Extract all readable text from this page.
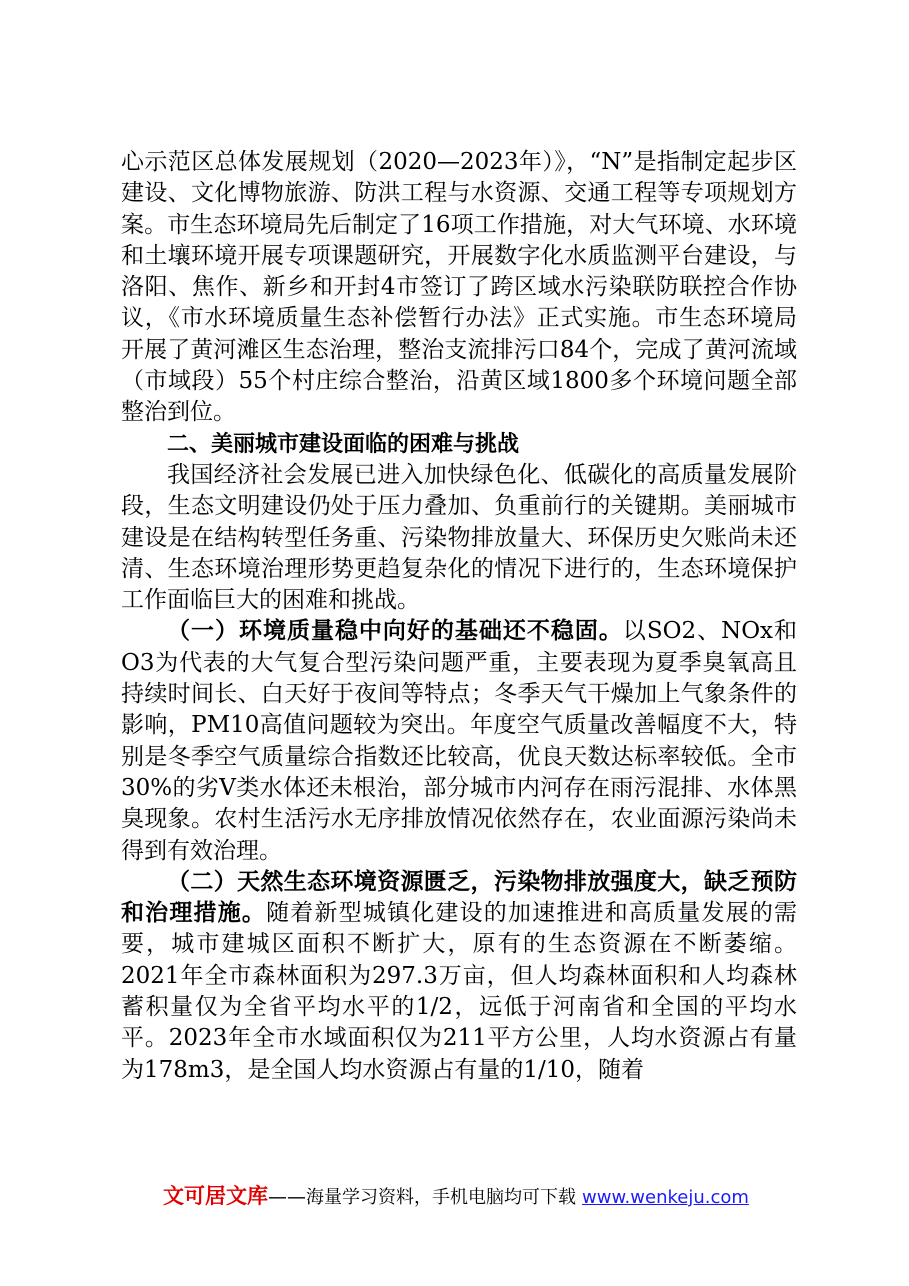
心示范区总体发展规划（2020—2023年）》，“N”是指制定起步区建设、文化博物旅游、防洪工程与水资源、交通工程等专项规划方案。市生态环境局先后制定了16项工作措施，对大气环境、水环境和土壤环境开展专项课题研究，开展数字化水质监测平台建设，与洛阳、焦作、新乡和开封4市签订了跨区域水污染联防联控合作协议，《市水环境质量生态补偿暂行办法》正式实施。市生态环境局开展了黄河滩区生态治理，整治支流排污口84个，完成了黄河流域（市域段）55个村庄综合整治，沿黄区域1800多个环境问题全部整治到位。

二、美丽城市建设面临的困难与挑战

我国经济社会发展已进入加快绿色化、低碳化的高质量发展阶段，生态文明建设仍处于压力叠加、负重前行的关键期。美丽城市建设是在结构转型任务重、污染物排放量大、环保历史欠账尚未还清、生态环境治理形势更趋复杂化的情况下进行的，生态环境保护工作面临巨大的困难和挑战。

（一）环境质量稳中向好的基础还不稳固。以SO2、NOx和O3为代表的大气复合型污染问题严重，主要表现为夏季臭氧高且持续时间长、白天好于夜间等特点；冬季天气干燥加上气象条件的影响，PM10高值问题较为突出。年度空气质量改善幅度不大，特别是冬季空气质量综合指数还比较高，优良天数达标率较低。全市30%的劣Ⅴ类水体还未根治，部分城市内河存在雨污混排、水体黑臭现象。农村生活污水无序排放情况依然存在，农业面源污染尚未得到有效治理。

（二）天然生态环境资源匮乏，污染物排放强度大，缺乏预防和治理措施。随着新型城镇化建设的加速推进和高质量发展的需要，城市建城区面积不断扩大，原有的生态资源在不断萎缩。2021年全市森林面积为297.3万亩，但人均森林面积和人均森林蓄积量仅为全省平均水平的1/2，远低于河南省和全国的平均水平。2023年全市水域面积仅为211平方公里，人均水资源占有量为178m3，是全国人均水资源占有量的1/10，随着

文可居文库——海量学习资料，手机电脑均可下载 www.wenkeju.com
